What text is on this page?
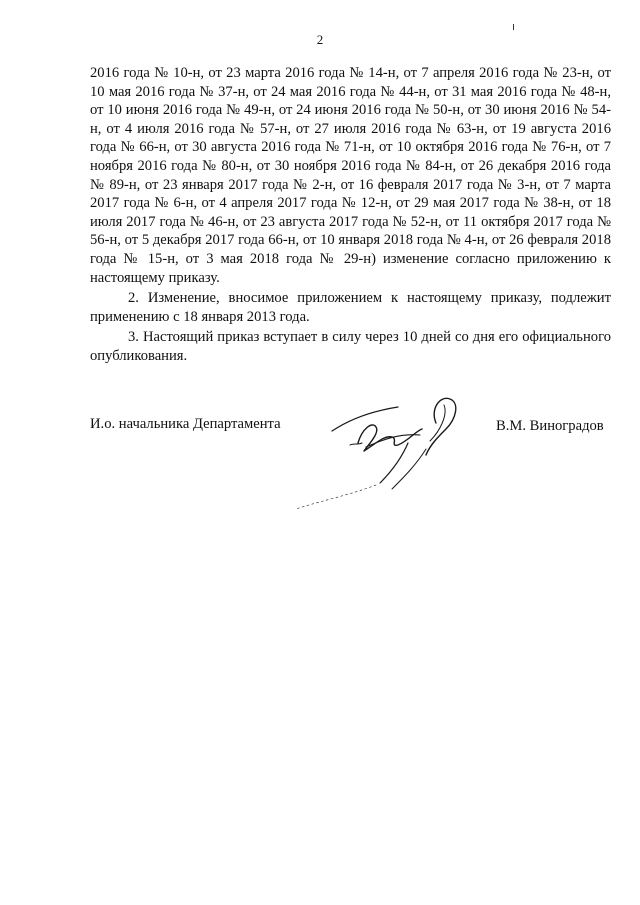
2

2016 года № 10-н, от 23 марта 2016 года № 14-н, от 7 апреля 2016 года № 23-н, от 10 мая 2016 года № 37-н, от 24 мая 2016 года № 44-н, от 31 мая 2016 года № 48-н, от 10 июня 2016 года № 49-н, от 24 июня 2016 года № 50-н, от 30 июня 2016 № 54-н, от 4 июля 2016 года № 57-н, от 27 июля 2016 года № 63-н, от 19 августа 2016 года № 66-н, от 30 августа 2016 года № 71-н, от 10 октября 2016 года № 76-н, от 7 ноября 2016 года № 80-н, от 30 ноября 2016 года № 84-н, от 26 декабря 2016 года № 89-н, от 23 января 2017 года № 2-н, от 16 февраля 2017 года № 3-н, от 7 марта 2017 года № 6-н, от 4 апреля 2017 года № 12-н, от 29 мая 2017 года № 38-н, от 18 июля 2017 года № 46-н, от 23 августа 2017 года № 52-н, от 11 октября 2017 года № 56-н, от 5 декабря 2017 года 66-н, от 10 января 2018 года № 4-н, от 26 февраля 2018 года № 15-н, от 3 мая 2018 года № 29-н) изменение согласно приложению к настоящему приказу.

2. Изменение, вносимое приложением к настоящему приказу, подлежит применению с 18 января 2013 года.

3. Настоящий приказ вступает в силу через 10 дней со дня его официального опубликования.

И.о. начальника Департамента	В.М. Виноградов
